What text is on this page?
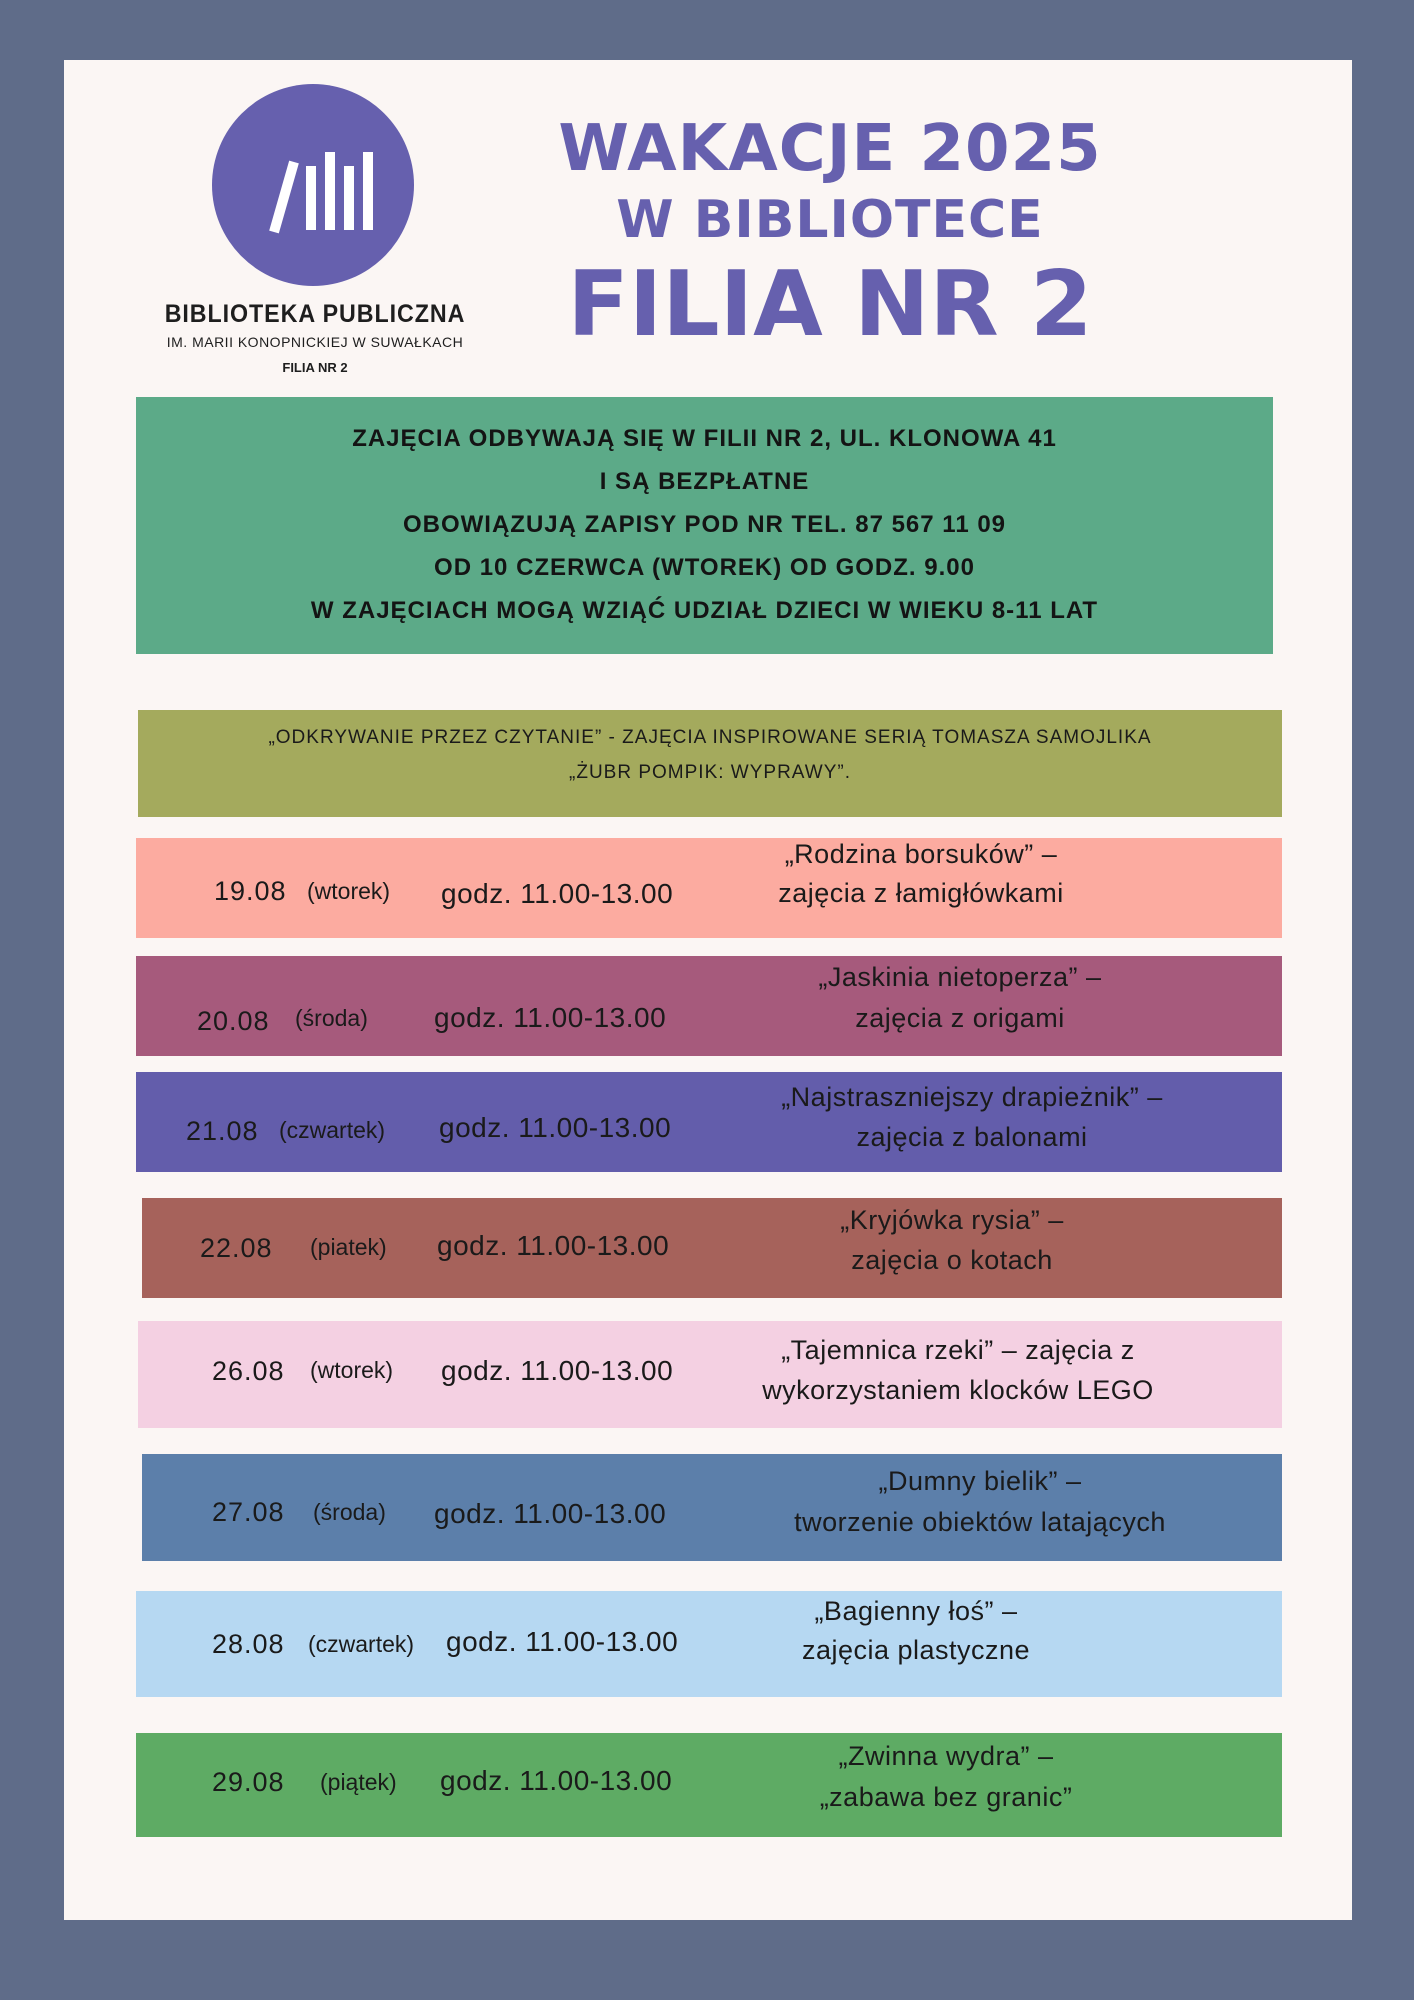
BIBLIOTEKA PUBLICZNA
IM. MARII KONOPNICKIEJ W SUWAŁKACH
FILIA NR 2
WAKACJE 2025
W BIBLIOTECE
FILIA NR 2
ZAJĘCIA ODBYWAJĄ SIĘ W FILII NR 2, UL. KLONOWA 41
I SĄ BEZPŁATNE
OBOWIĄZUJĄ ZAPISY POD NR TEL. 87 567 11 09
OD 10 CZERWCA (WTOREK) OD GODZ. 9.00
W ZAJĘCIACH MOGĄ WZIĄĆ UDZIAŁ DZIECI W WIEKU 8-11 LAT
„ODKRYWANIE PRZEZ CZYTANIE” - ZAJĘCIA INSPIROWANE SERIĄ TOMASZA SAMOJLIKA
„ŻUBR POMPIK: WYPRAWY”.
19.08 (wtorek) godz. 11.00-13.00
„Rodzina borsuków” –
zajęcia z łamigłówkami
20.08 (środa) godz. 11.00-13.00
„Jaskinia nietoperza” –
zajęcia z origami
21.08 (czwartek) godz. 11.00-13.00
„Najstraszniejszy drapieżnik” –
zajęcia z balonami
22.08 (piatek) godz. 11.00-13.00
„Kryjówka rysia” –
zajęcia o kotach
26.08 (wtorek) godz. 11.00-13.00
„Tajemnica rzeki” – zajęcia z
wykorzystaniem klocków LEGO
27.08 (środa) godz. 11.00-13.00
„Dumny bielik” –
tworzenie obiektów latających
28.08 (czwartek) godz. 11.00-13.00
„Bagienny łoś” –
zajęcia plastyczne
29.08 (piątek) godz. 11.00-13.00
„Zwinna wydra” –
„zabawa bez granic”
